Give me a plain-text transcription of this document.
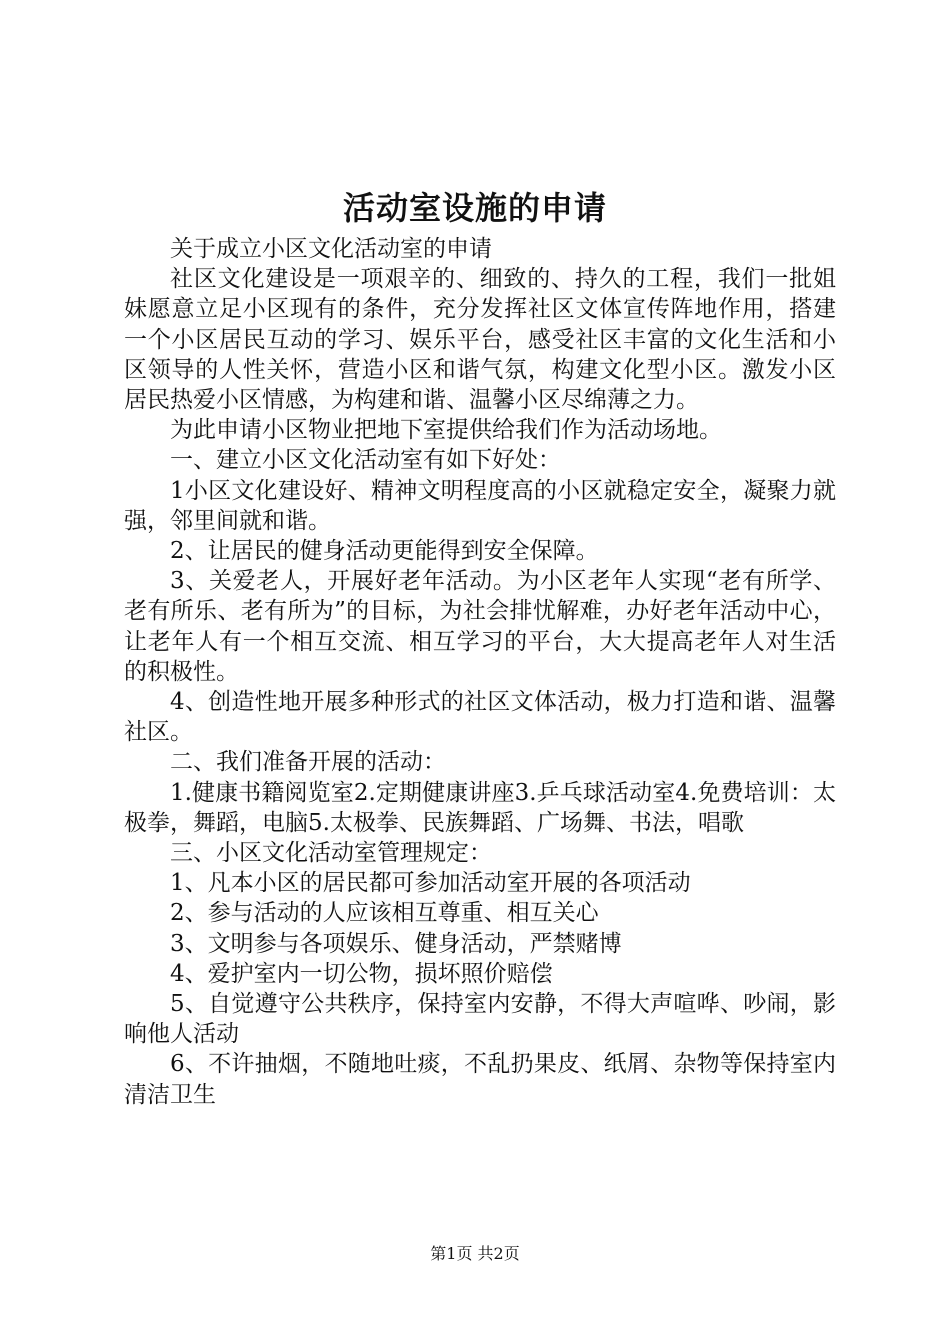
活动室设施的申请

关于成立小区文化活动室的申请

社区文化建设是一项艰辛的、细致的、持久的工程，我们一批姐妹愿意立足小区现有的条件，充分发挥社区文体宣传阵地作用，搭建一个小区居民互动的学习、娱乐平台，感受社区丰富的文化生活和小区领导的人性关怀，营造小区和谐气氛，构建文化型小区。激发小区居民热爱小区情感，为构建和谐、温馨小区尽绵薄之力。

为此申请小区物业把地下室提供给我们作为活动场地。

一、建立小区文化活动室有如下好处：

1小区文化建设好、精神文明程度高的小区就稳定安全，凝聚力就强，邻里间就和谐。

2、让居民的健身活动更能得到安全保障。

3、关爱老人，开展好老年活动。为小区老年人实现“老有所学、老有所乐、老有所为”的目标，为社会排忧解难，办好老年活动中心，让老年人有一个相互交流、相互学习的平台，大大提高老年人对生活的积极性。

4、创造性地开展多种形式的社区文体活动，极力打造和谐、温馨社区。

二、我们准备开展的活动：

1.健康书籍阅览室2.定期健康讲座3.乒乓球活动室4.免费培训：太极拳，舞蹈，电脑5.太极拳、民族舞蹈、广场舞、书法，唱歌

三、小区文化活动室管理规定：

1、凡本小区的居民都可参加活动室开展的各项活动

2、参与活动的人应该相互尊重、相互关心

3、文明参与各项娱乐、健身活动，严禁赌博

4、爱护室内一切公物，损坏照价赔偿

5、自觉遵守公共秩序，保持室内安静，不得大声喧哗、吵闹，影响他人活动

6、不许抽烟，不随地吐痰，不乱扔果皮、纸屑、杂物等保持室内清洁卫生

第1页 共2页
